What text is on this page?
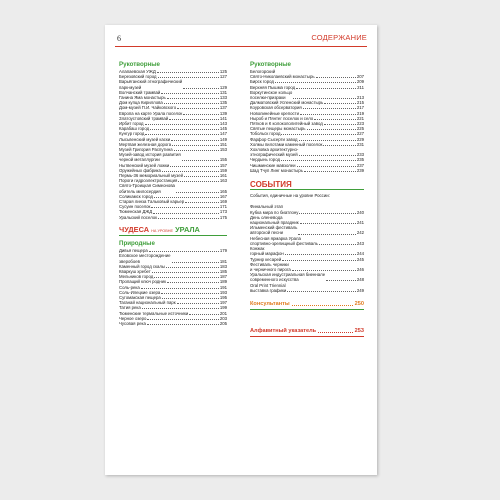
6	СОДЕРЖАНИЕ
Рукотворные
Алапаевская УЖД	125
Березовский город	127
Варьёганский этнографический
парк-музей	129
Волчанский трамвай	131
Ганина Яма монастырь	133
Дом купца Кириллова	135
Дом-музей П.И. Чайковского	137
Европа на карте Урала поселок	139
Златоустовский трамвай	141
Ирбит город	143
Карабаш город	145
Кунгур город	147
Лысьвенский музей каски	149
Мертвая железная дорога	151
Музей Григория Распутина	153
Музей-завод история развития
черной металлургии	155
Нытвенский музей ложки	157
Оружейных фабрика	159
Пермь-36 мемориальный музей	161
Пороги гидроэлектростанция	163
Свято-Троицкая Симеонова
обитель милосердия	165
Соликамск город	167
Старая линза Тальковый карьер	169
Сусуин поселок	171
Тюменская ДЖД	173
Уральский поселок	175
ЧУДЕСА НА УРОВНЕ УРАЛА
Природные
Дивья пещера	179
Еловское месторождение
зверобоев	181
Каменный город скалы	183
Кваркуш хребет	185
Мельников город	187
Пропащий ключ родник	189
Соль-река	191
Соль-Илецкие озера	193
Сугомакская пещера	195
Таганай национальный парк	197
Татия река	199
Тюменские термальные источники	201
Черное озеро	203
Чусовая река	205
Рукотворные
Белогорский
Свято-Николаевский монастырь	207
Бирск город	209
Верхняя Пышма город	211
Воркутинское кольцо
поселки-призраки	213
Далматовский Успенский монастырь	215
Коуровская обсерватория	217
Новолинейные крепости	219
Ныроб и Пянтег поселок и село	221
Пятков и К колокололитейный завод	223
Святые пещеры монастырь	225
Тобольск город	227
Фарфор Сысерти завод	229
Холмы пилотами каменный поселок	231
Хохловка архитектурно-
этнографический музей	233
Чердынь город	235
Чишминские мавзолеи	237
Шад Тчуп Линг монастырь	239
СОБЫТИЯ
События, единичные на уровне России:
Финальный этап
Кубка мира по биатлону	240
День оленевода
национальный праздник	241
Ильменский фестиваль
авторской песни	242
Небесная ярмарка Урала
спортивно-зрелищный фестиваль	243
Конжак
горный марафон	244
Турнир кесарей	245
Фестиваль черники
и черничного пирога	246
Уральская индустриальная биеннале
современного искусства	248
Oral Print Triennial
выставка графики	249
Консультанты	250
Алфавитный указатель	253
